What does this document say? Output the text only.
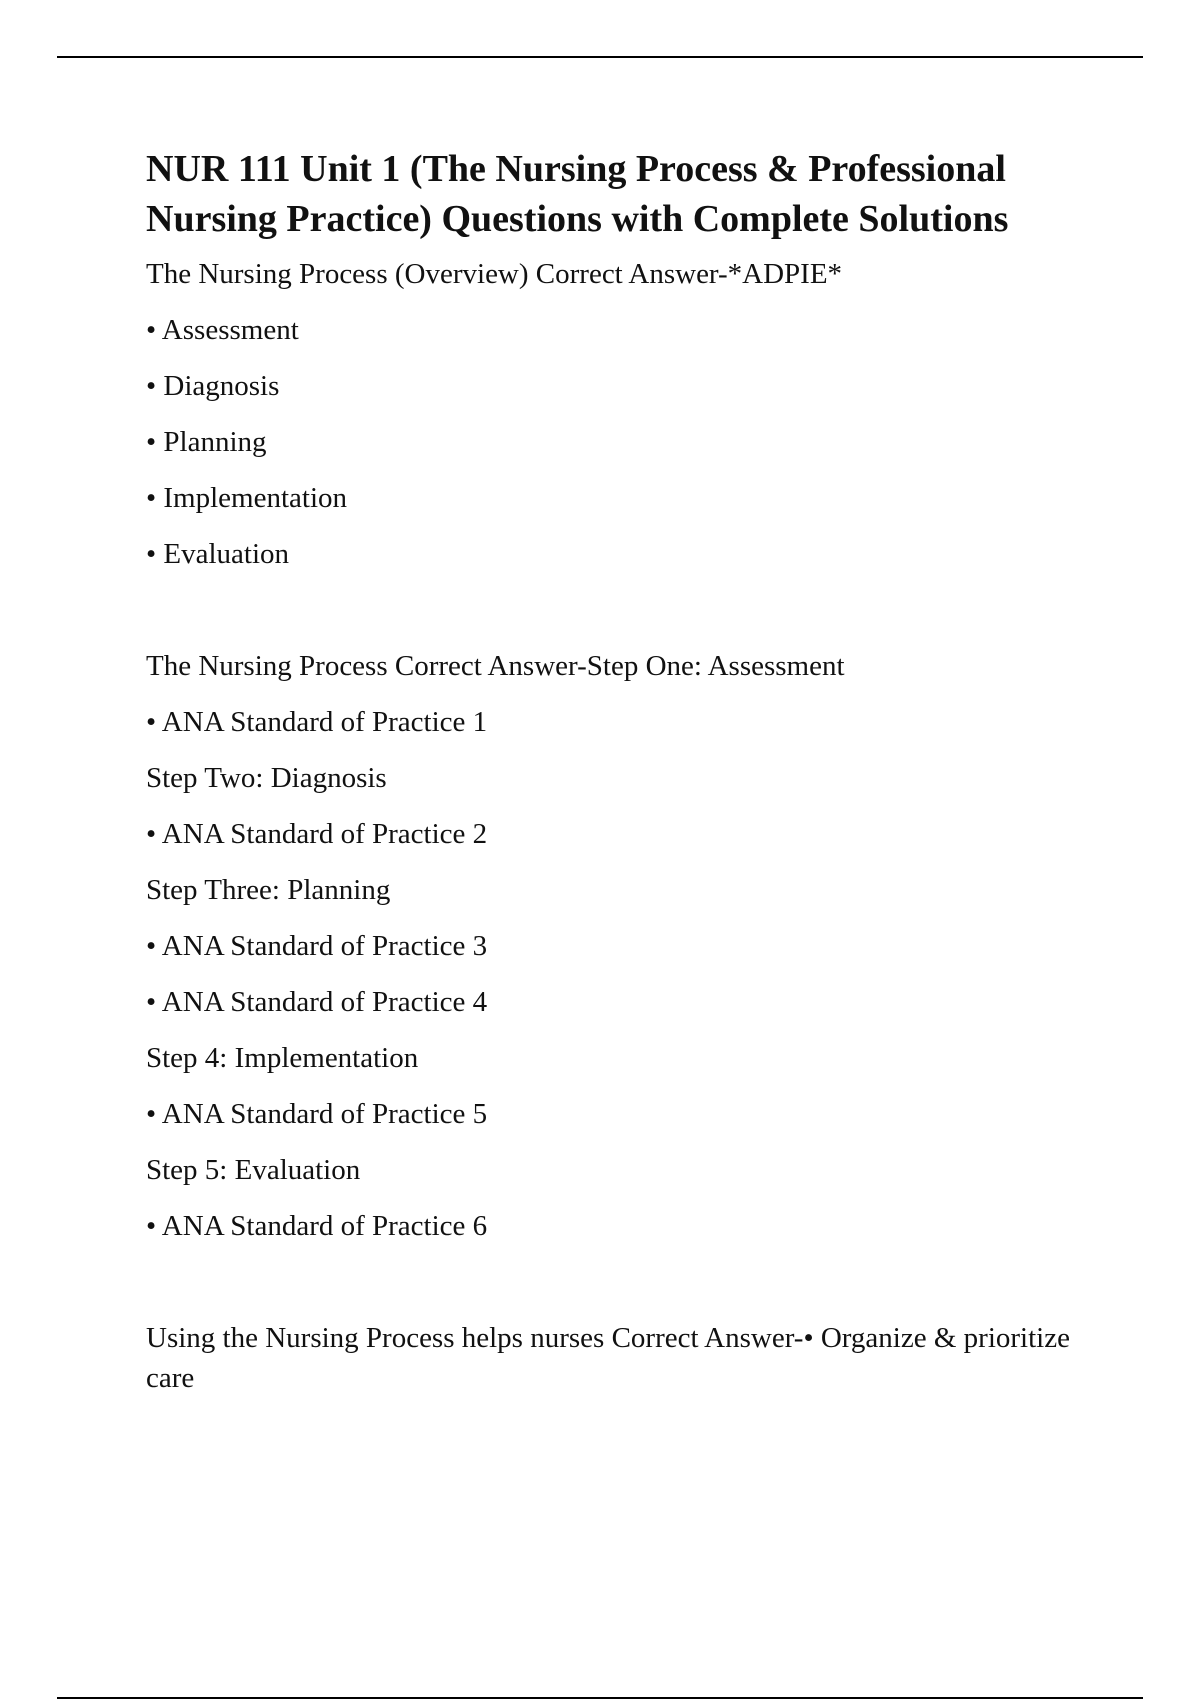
NUR 111 Unit 1 (The Nursing Process & Professional Nursing Practice) Questions with Complete Solutions

The Nursing Process (Overview) Correct Answer-*ADPIE*

• Assessment

• Diagnosis

• Planning

• Implementation

• Evaluation

The Nursing Process Correct Answer-Step One: Assessment

• ANA Standard of Practice 1

Step Two: Diagnosis

• ANA Standard of Practice 2

Step Three: Planning

• ANA Standard of Practice 3

• ANA Standard of Practice 4

Step 4: Implementation

• ANA Standard of Practice 5

Step 5: Evaluation

• ANA Standard of Practice 6

Using the Nursing Process helps nurses Correct Answer-• Organize & prioritize care
